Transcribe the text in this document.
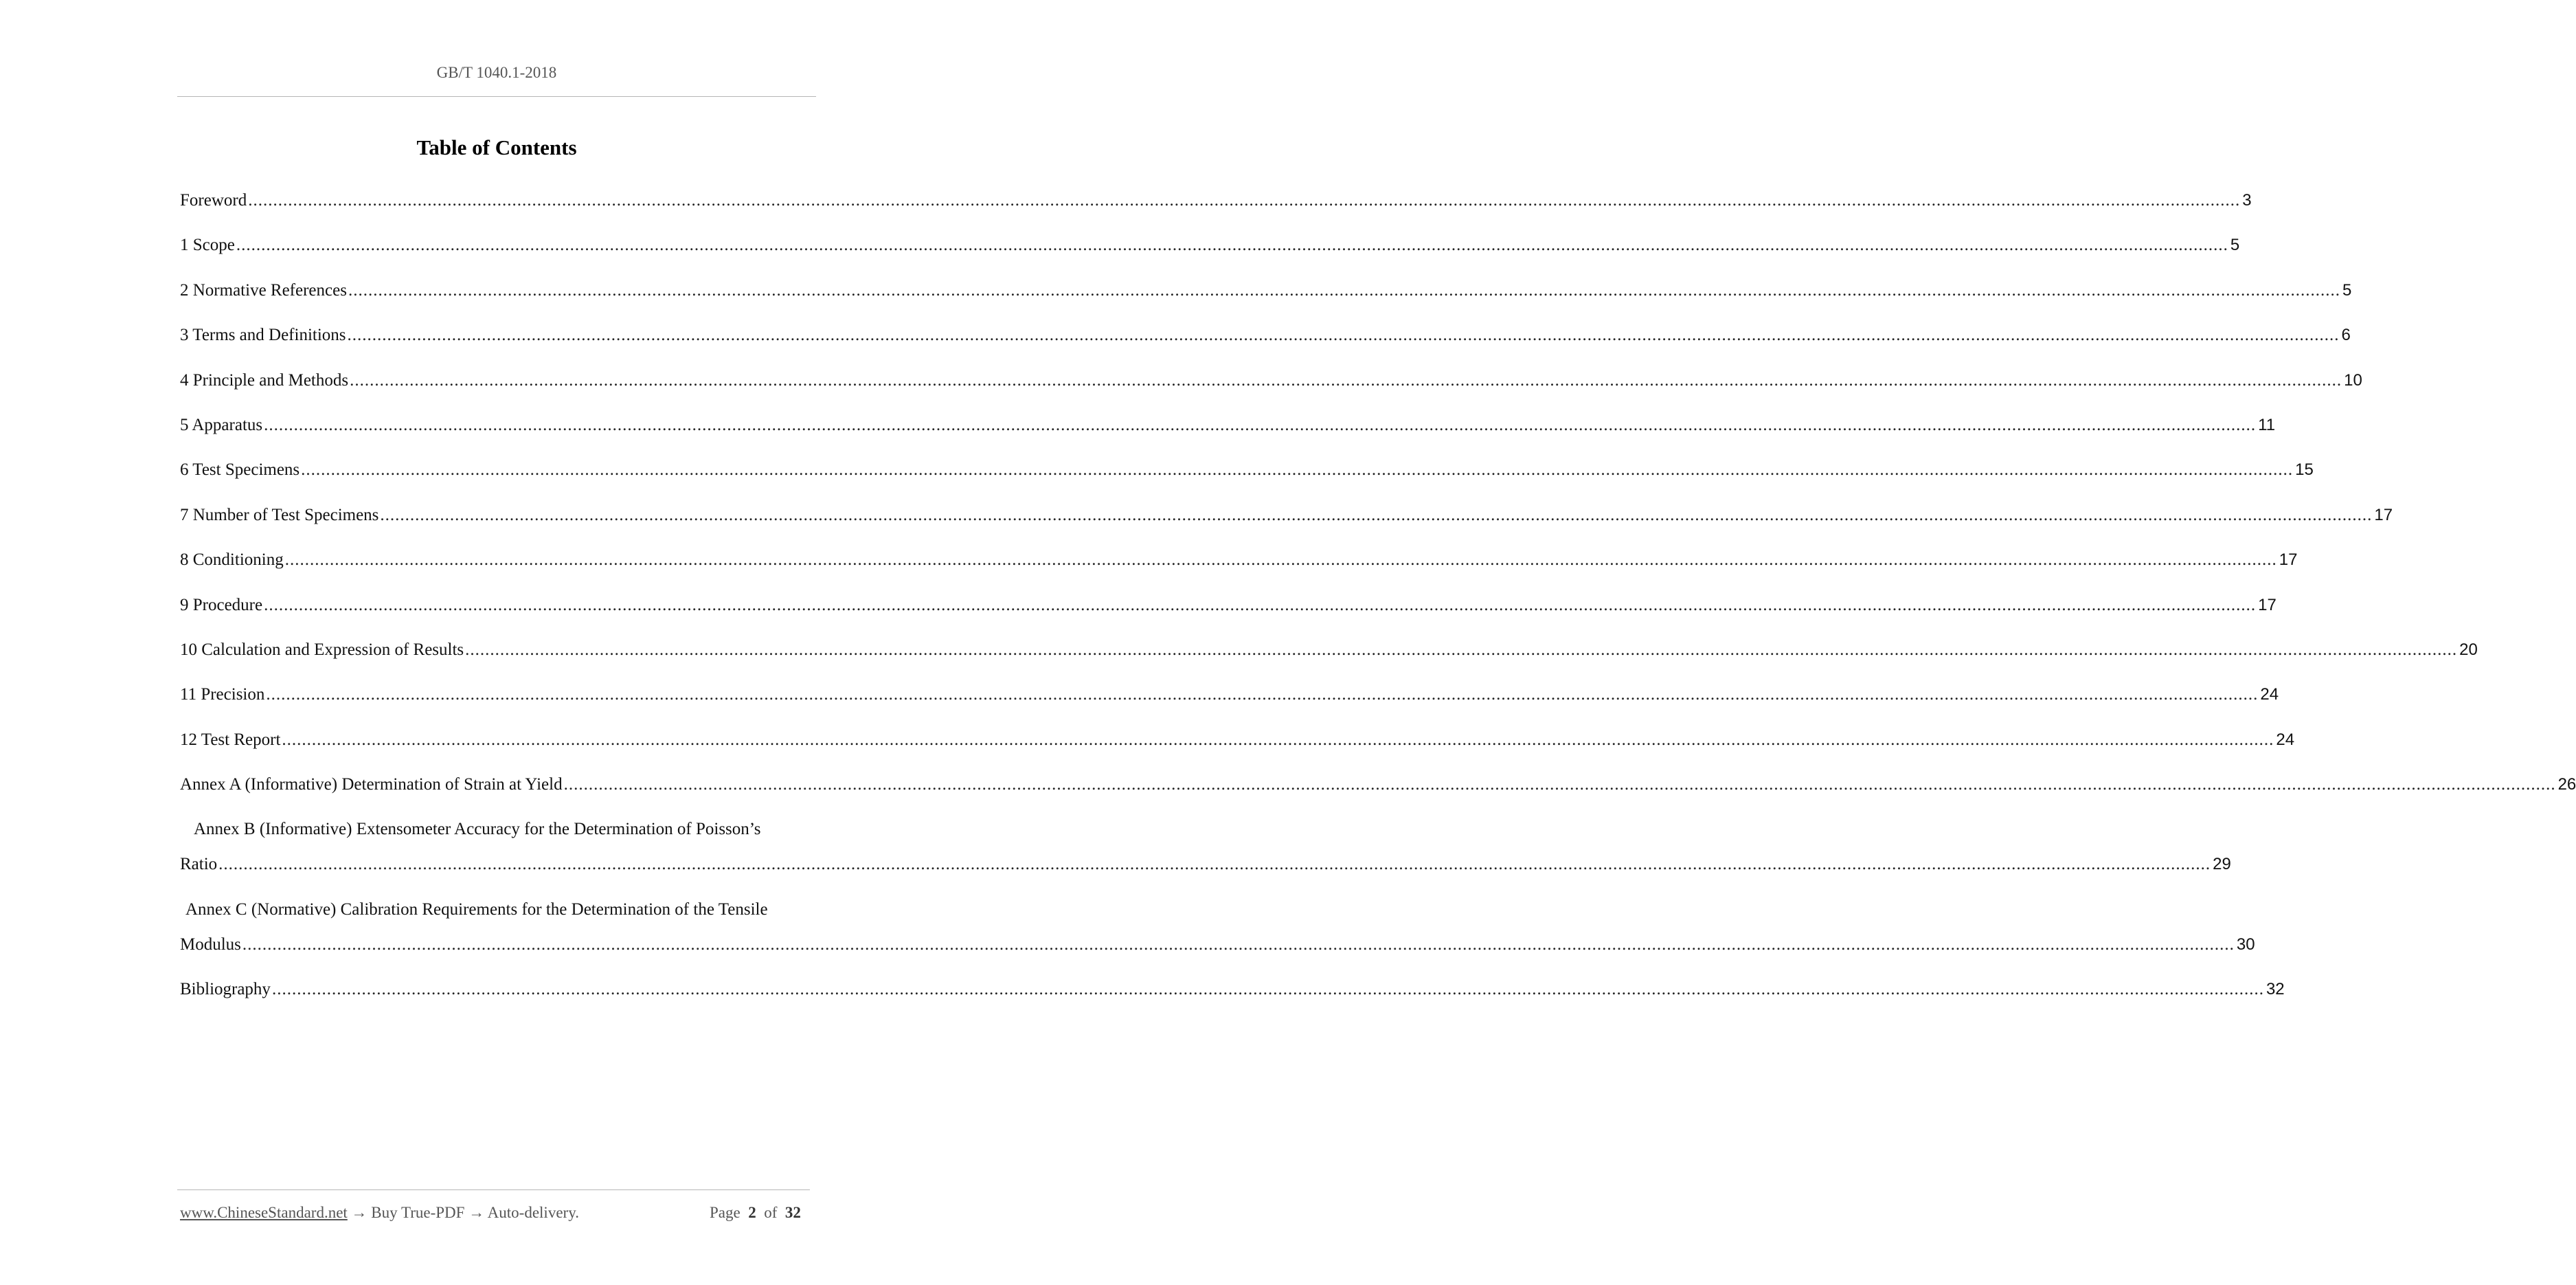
GB/T 1040.1-2018
Table of Contents
Foreword ................................................................................................................................................................................................................................................................................................................................................................................................................ 3
1 Scope ................................................................................................................................................................................................................................................................................................................................................................................................................ 5
2 Normative References ................................................................................................................................................................................................................................................................................................................................................................................................................ 5
3 Terms and Definitions ................................................................................................................................................................................................................................................................................................................................................................................................................ 6
4 Principle and Methods ................................................................................................................................................................................................................................................................................................................................................................................................................ 10
5 Apparatus ................................................................................................................................................................................................................................................................................................................................................................................................................ 11
6 Test Specimens ................................................................................................................................................................................................................................................................................................................................................................................................................ 15
7 Number of Test Specimens ................................................................................................................................................................................................................................................................................................................................................................................................................ 17
8 Conditioning ................................................................................................................................................................................................................................................................................................................................................................................................................ 17
9 Procedure ................................................................................................................................................................................................................................................................................................................................................................................................................ 17
10 Calculation and Expression of Results ................................................................................................................................................................................................................................................................................................................................................................................................................ 20
11 Precision ................................................................................................................................................................................................................................................................................................................................................................................................................ 24
12 Test Report ................................................................................................................................................................................................................................................................................................................................................................................................................ 24
Annex A (Informative) Determination of Strain at Yield ................................................................................................................................................................................................................................................................................................................................................................................................................ 26
Annex B (Informative) Extensometer Accuracy for the Determination of Poisson’s
Ratio ................................................................................................................................................................................................................................................................................................................................................................................................................ 29
Annex C (Normative) Calibration Requirements for the Determination of the Tensile
Modulus ................................................................................................................................................................................................................................................................................................................................................................................................................ 30
Bibliography ................................................................................................................................................................................................................................................................................................................................................................................................................ 32
www.ChineseStandard.net → Buy True-PDF → Auto-delivery.	Page 2 of 32
